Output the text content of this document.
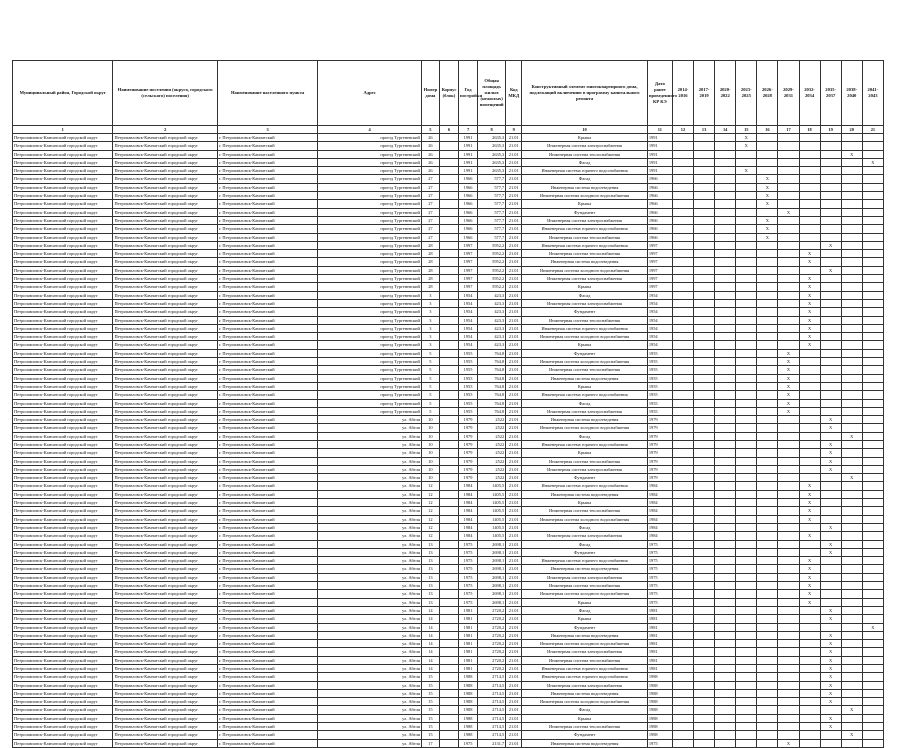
Муниципальный район, Городской округ	Наименование поселения (округа, городского (сельского) поселения)	Наименование населенного пункта	Адрес	Номер дома	Корпус (блок)	Год постройки	Общая площадь жилых (нежилых) помещений	Код МКД	Конструктивный элемент многоквартирного дома, подлежащий включению в программу капитального ремонта	Дата ранее проведенного КР КЭ	2014-2016	2017-2019	2020-2022	2023-2025	2026-2028	2029-2031	2032-2034	2035-2037	2038-2040	2041-2043
1	2	3	4	5	6	7	8	9	10	11	12	13	14	15	16	17	18	19	20	21
Петропавловск-Камчатский городской округ	Петропавловск-Камчатский городской округ	г. Петропавловск-Камчатский	проезд Тургеневский	26		1991	2635,3	21.01	Крыша	1991				X						
Петропавловск-Камчатский городской округ	Петропавловск-Камчатский городской округ	г. Петропавловск-Камчатский	проезд Тургеневский	26		1991	2635,3	21.01	Инженерная система электроснабжения	1991				X						
Петропавловск-Камчатский городской округ	Петропавловск-Камчатский городской округ	г. Петропавловск-Камчатский	проезд Тургеневский	26		1991	2635,3	21.01	Инженерная система теплоснабжения	1991									X	
Петропавловск-Камчатский городской округ	Петропавловск-Камчатский городской округ	г. Петропавловск-Камчатский	проезд Тургеневский	26		1991	2635,3	21.01	Фасад	1991										X
Петропавловск-Камчатский городской округ	Петропавловск-Камчатский городской округ	г. Петропавловск-Камчатский	проезд Тургеневский	26		1991	2635,3	21.01	Инженерная система горячего водоснабжения	1991				X						
Петропавловск-Камчатский городской округ	Петропавловск-Камчатский городской округ	г. Петропавловск-Камчатский	проезд Тургеневский	27		1966	577,7	21.01	Фасад	1966					X					
Петропавловск-Камчатский городской округ	Петропавловск-Камчатский городской округ	г. Петропавловск-Камчатский	проезд Тургеневский	27		1966	577,7	21.01	Инженерная система водоотведения	1966					X					
Петропавловск-Камчатский городской округ	Петропавловск-Камчатский городской округ	г. Петропавловск-Камчатский	проезд Тургеневский	27		1966	577,7	21.01	Инженерная система холодного водоснабжения	1966					X					
Петропавловск-Камчатский городской округ	Петропавловск-Камчатский городской округ	г. Петропавловск-Камчатский	проезд Тургеневский	27		1966	577,7	21.01	Крыша	1966					X					
Петропавловск-Камчатский городской округ	Петропавловск-Камчатский городской округ	г. Петропавловск-Камчатский	проезд Тургеневский	27		1966	577,7	21.01	Фундамент	1966						X				
Петропавловск-Камчатский городской округ	Петропавловск-Камчатский городской округ	г. Петропавловск-Камчатский	проезд Тургеневский	27		1966	577,7	21.01	Инженерная система электроснабжения	1966					X					
Петропавловск-Камчатский городской округ	Петропавловск-Камчатский городской округ	г. Петропавловск-Камчатский	проезд Тургеневский	27		1966	577,7	21.01	Инженерная система горячего водоснабжения	1966					X					
Петропавловск-Камчатский городской округ	Петропавловск-Камчатский городской округ	г. Петропавловск-Камчатский	проезд Тургеневский	27		1966	577,7	21.01	Инженерная система теплоснабжения	1966					X					
Петропавловск-Камчатский городской округ	Петропавловск-Камчатский городской округ	г. Петропавловск-Камчатский	проезд Тургеневский	28		1997	5952,2	21.01	Инженерная система горячего водоснабжения	1997								X		
Петропавловск-Камчатский городской округ	Петропавловск-Камчатский городской округ	г. Петропавловск-Камчатский	проезд Тургеневский	28		1997	5952,2	21.01	Инженерная система теплоснабжения	1997							X			
Петропавловск-Камчатский городской округ	Петропавловск-Камчатский городской округ	г. Петропавловск-Камчатский	проезд Тургеневский	28		1997	5952,2	21.01	Инженерная система водоотведения	1997							X			
Петропавловск-Камчатский городской округ	Петропавловск-Камчатский городской округ	г. Петропавловск-Камчатский	проезд Тургеневский	28		1997	5952,2	21.01	Инженерная система холодного водоснабжения	1997								X		
Петропавловск-Камчатский городской округ	Петропавловск-Камчатский городской округ	г. Петропавловск-Камчатский	проезд Тургеневский	28		1997	5952,2	21.01	Инженерная система электроснабжения	1997							X			
Петропавловск-Камчатский городской округ	Петропавловск-Камчатский городской округ	г. Петропавловск-Камчатский	проезд Тургеневский	28		1997	5952,2	21.01	Крыша	1997							X			
Петропавловск-Камчатский городской округ	Петропавловск-Камчатский городской округ	г. Петропавловск-Камчатский	проезд Тургеневский	3		1954	423,3	21.01	Фасад	1954							X			
Петропавловск-Камчатский городской округ	Петропавловск-Камчатский городской округ	г. Петропавловск-Камчатский	проезд Тургеневский	3		1954	423,3	21.01	Инженерная система электроснабжения	1954							X			
Петропавловск-Камчатский городской округ	Петропавловск-Камчатский городской округ	г. Петропавловск-Камчатский	проезд Тургеневский	3		1954	423,3	21.01	Фундамент	1954							X			
Петропавловск-Камчатский городской округ	Петропавловск-Камчатский городской округ	г. Петропавловск-Камчатский	проезд Тургеневский	3		1954	423,3	21.01	Инженерная система теплоснабжения	1954							X			
Петропавловск-Камчатский городской округ	Петропавловск-Камчатский городской округ	г. Петропавловск-Камчатский	проезд Тургеневский	3		1954	423,3	21.01	Инженерная система горячего водоснабжения	1954							X			
Петропавловск-Камчатский городской округ	Петропавловск-Камчатский городской округ	г. Петропавловск-Камчатский	проезд Тургеневский	3		1954	423,3	21.01	Инженерная система холодного водоснабжения	1954							X			
Петропавловск-Камчатский городской округ	Петропавловск-Камчатский городской округ	г. Петропавловск-Камчатский	проезд Тургеневский	3		1954	423,3	21.01	Крыша	1954							X			
Петропавловск-Камчатский городской округ	Петропавловск-Камчатский городской округ	г. Петропавловск-Камчатский	проезд Тургеневский	5		1955	764,8	21.01	Фундамент	1955						X				
Петропавловск-Камчатский городской округ	Петропавловск-Камчатский городской округ	г. Петропавловск-Камчатский	проезд Тургеневский	5		1955	764,8	21.01	Инженерная система холодного водоснабжения	1955						X				
Петропавловск-Камчатский городской округ	Петропавловск-Камчатский городской округ	г. Петропавловск-Камчатский	проезд Тургеневский	5		1955	764,8	21.01	Инженерная система теплоснабжения	1955						X				
Петропавловск-Камчатский городской округ	Петропавловск-Камчатский городской округ	г. Петропавловск-Камчатский	проезд Тургеневский	5		1955	764,8	21.01	Инженерная система водоотведения	1955						X				
Петропавловск-Камчатский городской округ	Петропавловск-Камчатский городской округ	г. Петропавловск-Камчатский	проезд Тургеневский	5		1955	764,8	21.01	Крыша	1955						X				
Петропавловск-Камчатский городской округ	Петропавловск-Камчатский городской округ	г. Петропавловск-Камчатский	проезд Тургеневский	5		1955	764,8	21.01	Инженерная система горячего водоснабжения	1955						X				
Петропавловск-Камчатский городской округ	Петропавловск-Камчатский городской округ	г. Петропавловск-Камчатский	проезд Тургеневский	5		1955	764,8	21.01	Фасад	1955						X				
Петропавловск-Камчатский городской округ	Петропавловск-Камчатский городской округ	г. Петропавловск-Камчатский	проезд Тургеневский	5		1955	764,8	21.01	Инженерная система электроснабжения	1955						X				
Петропавловск-Камчатский городской округ	Петропавловск-Камчатский городской округ	г. Петропавловск-Камчатский	ул. Абеля	10		1979	2522	21.01	Инженерная система водоотведения	1979								X		
Петропавловск-Камчатский городской округ	Петропавловск-Камчатский городской округ	г. Петропавловск-Камчатский	ул. Абеля	10		1979	2522	21.01	Инженерная система холодного водоснабжения	1979								X		
Петропавловск-Камчатский городской округ	Петропавловск-Камчатский городской округ	г. Петропавловск-Камчатский	ул. Абеля	10		1979	2522	21.01	Фасад	1979									X	
Петропавловск-Камчатский городской округ	Петропавловск-Камчатский городской округ	г. Петропавловск-Камчатский	ул. Абеля	10		1979	2522	21.01	Инженерная система горячего водоснабжения	1979								X		
Петропавловск-Камчатский городской округ	Петропавловск-Камчатский городской округ	г. Петропавловск-Камчатский	ул. Абеля	10		1979	2522	21.01	Крыша	1979								X		
Петропавловск-Камчатский городской округ	Петропавловск-Камчатский городской округ	г. Петропавловск-Камчатский	ул. Абеля	10		1979	2522	21.01	Инженерная система теплоснабжения	1979								X		
Петропавловск-Камчатский городской округ	Петропавловск-Камчатский городской округ	г. Петропавловск-Камчатский	ул. Абеля	10		1979	2522	21.01	Инженерная система электроснабжения	1979								X		
Петропавловск-Камчатский городской округ	Петропавловск-Камчатский городской округ	г. Петропавловск-Камчатский	ул. Абеля	10		1979	2522	21.01	Фундамент	1979									X	
Петропавловск-Камчатский городской округ	Петропавловск-Камчатский городской округ	г. Петропавловск-Камчатский	ул. Абеля	12		1984	1405,5	21.01	Инженерная система горячего водоснабжения	1984							X			
Петропавловск-Камчатский городской округ	Петропавловск-Камчатский городской округ	г. Петропавловск-Камчатский	ул. Абеля	12		1984	1405,5	21.01	Инженерная система водоотведения	1984							X			
Петропавловск-Камчатский городской округ	Петропавловск-Камчатский городской округ	г. Петропавловск-Камчатский	ул. Абеля	12		1984	1405,5	21.01	Крыша	1984							X			
Петропавловск-Камчатский городской округ	Петропавловск-Камчатский городской округ	г. Петропавловск-Камчатский	ул. Абеля	12		1984	1405,5	21.01	Инженерная система теплоснабжения	1984							X			
Петропавловск-Камчатский городской округ	Петропавловск-Камчатский городской округ	г. Петропавловск-Камчатский	ул. Абеля	12		1984	1405,5	21.01	Инженерная система холодного водоснабжения	1984							X			
Петропавловск-Камчатский городской округ	Петропавловск-Камчатский городской округ	г. Петропавловск-Камчатский	ул. Абеля	12		1984	1405,5	21.01	Фасад	1984								X		
Петропавловск-Камчатский городской округ	Петропавловск-Камчатский городской округ	г. Петропавловск-Камчатский	ул. Абеля	12		1984	1405,5	21.01	Инженерная система электроснабжения	1984							X			
Петропавловск-Камчатский городской округ	Петропавловск-Камчатский городской округ	г. Петропавловск-Камчатский	ул. Абеля	13		1975	2698,1	21.01	Фасад	1975								X		
Петропавловск-Камчатский городской округ	Петропавловск-Камчатский городской округ	г. Петропавловск-Камчатский	ул. Абеля	13		1975	2698,1	21.01	Фундамент	1975								X		
Петропавловск-Камчатский городской округ	Петропавловск-Камчатский городской округ	г. Петропавловск-Камчатский	ул. Абеля	13		1975	2698,1	21.01	Инженерная система горячего водоснабжения	1975							X			
Петропавловск-Камчатский городской округ	Петропавловск-Камчатский городской округ	г. Петропавловск-Камчатский	ул. Абеля	13		1975	2698,1	21.01	Инженерная система водоотведения	1975							X			
Петропавловск-Камчатский городской округ	Петропавловск-Камчатский городской округ	г. Петропавловск-Камчатский	ул. Абеля	13		1975	2698,1	21.01	Инженерная система электроснабжения	1975							X			
Петропавловск-Камчатский городской округ	Петропавловск-Камчатский городской округ	г. Петропавловск-Камчатский	ул. Абеля	13		1975	2698,1	21.01	Инженерная система теплоснабжения	1975							X			
Петропавловск-Камчатский городской округ	Петропавловск-Камчатский городской округ	г. Петропавловск-Камчатский	ул. Абеля	13		1975	2698,1	21.01	Инженерная система холодного водоснабжения	1975							X			
Петропавловск-Камчатский городской округ	Петропавловск-Камчатский городской округ	г. Петропавловск-Камчатский	ул. Абеля	13		1975	2698,1	21.01	Крыша	1975							X			
Петропавловск-Камчатский городской округ	Петропавловск-Камчатский городской округ	г. Петропавловск-Камчатский	ул. Абеля	14		1981	2720,2	21.01	Фасад	1981								X		
Петропавловск-Камчатский городской округ	Петропавловск-Камчатский городской округ	г. Петропавловск-Камчатский	ул. Абеля	14		1981	2720,2	21.01	Крыша	1981								X		
Петропавловск-Камчатский городской округ	Петропавловск-Камчатский городской округ	г. Петропавловск-Камчатский	ул. Абеля	14		1981	2720,2	21.01	Фундамент	1981										X
Петропавловск-Камчатский городской округ	Петропавловск-Камчатский городской округ	г. Петропавловск-Камчатский	ул. Абеля	14		1981	2720,2	21.01	Инженерная система водоотведения	1981								X		
Петропавловск-Камчатский городской округ	Петропавловск-Камчатский городской округ	г. Петропавловск-Камчатский	ул. Абеля	14		1981	2720,2	21.01	Инженерная система холодного водоснабжения	1981								X		
Петропавловск-Камчатский городской округ	Петропавловск-Камчатский городской округ	г. Петропавловск-Камчатский	ул. Абеля	14		1981	2720,2	21.01	Инженерная система электроснабжения	1981								X		
Петропавловск-Камчатский городской округ	Петропавловск-Камчатский городской округ	г. Петропавловск-Камчатский	ул. Абеля	14		1981	2720,2	21.01	Инженерная система теплоснабжения	1981								X		
Петропавловск-Камчатский городской округ	Петропавловск-Камчатский городской округ	г. Петропавловск-Камчатский	ул. Абеля	14		1981	2720,2	21.01	Инженерная система горячего водоснабжения	1981								X		
Петропавловск-Камчатский городской округ	Петропавловск-Камчатский городской округ	г. Петропавловск-Камчатский	ул. Абеля	15		1988	2714,5	21.01	Инженерная система горячего водоснабжения	1988								X		
Петропавловск-Камчатский городской округ	Петропавловск-Камчатский городской округ	г. Петропавловск-Камчатский	ул. Абеля	15		1988	2714,5	21.01	Инженерная система электроснабжения	1988								X		
Петропавловск-Камчатский городской округ	Петропавловск-Камчатский городской округ	г. Петропавловск-Камчатский	ул. Абеля	15		1988	2714,5	21.01	Инженерная система водоотведения	1988								X		
Петропавловск-Камчатский городской округ	Петропавловск-Камчатский городской округ	г. Петропавловск-Камчатский	ул. Абеля	15		1988	2714,5	21.01	Инженерная система холодного водоснабжения	1988								X		
Петропавловск-Камчатский городской округ	Петропавловск-Камчатский городской округ	г. Петропавловск-Камчатский	ул. Абеля	15		1988	2714,5	21.01	Фасад	1988									X	
Петропавловск-Камчатский городской округ	Петропавловск-Камчатский городской округ	г. Петропавловск-Камчатский	ул. Абеля	15		1988	2714,5	21.01	Крыша	1988								X		
Петропавловск-Камчатский городской округ	Петропавловск-Камчатский городской округ	г. Петропавловск-Камчатский	ул. Абеля	15		1988	2714,5	21.01	Инженерная система теплоснабжения	1988								X		
Петропавловск-Камчатский городской округ	Петропавловск-Камчатский городской округ	г. Петропавловск-Камчатский	ул. Абеля	15		1988	2714,5	21.01	Фундамент	1988									X	
Петропавловск-Камчатский городской округ	Петропавловск-Камчатский городской округ	г. Петропавловск-Камчатский	ул. Абеля	17		1975	2131,7	21.01	Инженерная система водоотведения	1975						X				
